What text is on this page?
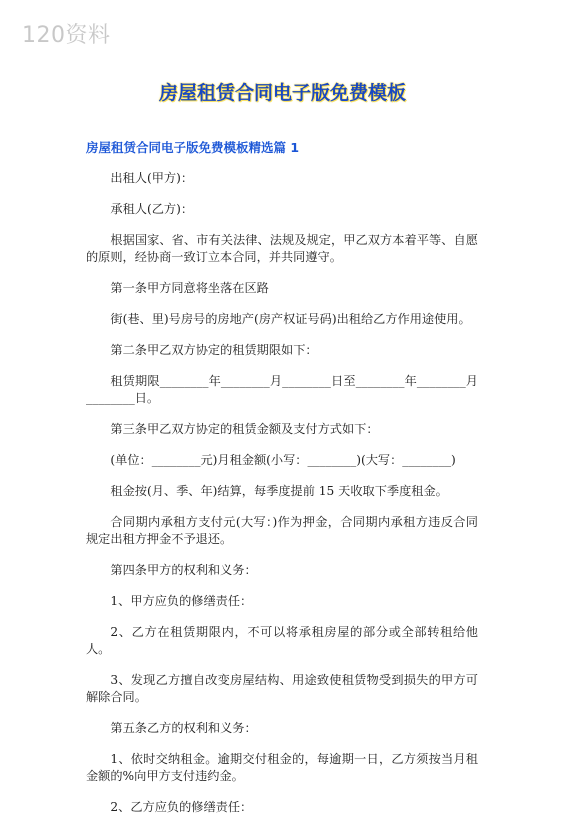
120资料
房屋租赁合同电子版免费模板
房屋租赁合同电子版免费模板精选篇 1

出租人(甲方)：

承租人(乙方)：

根据国家、省、市有关法律、法规及规定，甲乙双方本着平等、自愿的原则，经协商一致订立本合同，并共同遵守。

第一条甲方同意将坐落在区路

街(巷、里)号房号的房地产(房产权证号码)出租给乙方作用途使用。

第二条甲乙双方协定的租赁期限如下：

租赁期限________年________月________日至________年________月________日。

第三条甲乙双方协定的租赁金额及支付方式如下：

(单位：________元)月租金额(小写：________)(大写：________)

租金按(月、季、年)结算，每季度提前 15 天收取下季度租金。

合同期内承租方支付元(大写：)作为押金，合同期内承租方违反合同规定出租方押金不予退还。

第四条甲方的权利和义务：

1、甲方应负的修缮责任：

2、乙方在租赁期限内，不可以将承租房屋的部分或全部转租给他人。

3、发现乙方擅自改变房屋结构、用途致使租赁物受到损失的甲方可解除合同。

第五条乙方的权利和义务：

1、依时交纳租金。逾期交付租金的，每逾期一日，乙方须按当月租金额的%向甲方支付违约金。

2、乙方应负的修缮责任：
